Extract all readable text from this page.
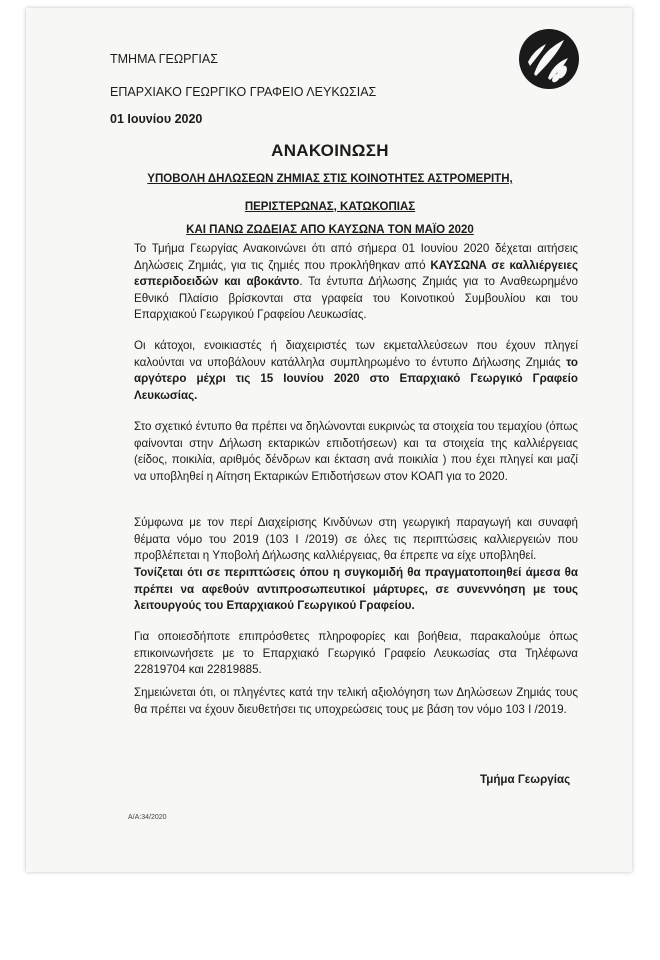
ΤΜΗΜΑ ΓΕΩΡΓΙΑΣ
ΕΠΑΡΧΙΑΚΟ ΓΕΩΡΓΙΚΟ ΓΡΑΦΕΙΟ ΛΕΥΚΩΣΙΑΣ
01 Ιουνίου 2020
ΑΝΑΚΟΙΝΩΣΗ
ΥΠΟΒΟΛΗ ΔΗΛΩΣΕΩΝ ΖΗΜΙΑΣ ΣΤΙΣ ΚΟΙΝΟΤΗΤΕΣ ΑΣΤΡΟΜΕΡΙΤΗ,
ΠΕΡΙΣΤΕΡΩΝΑΣ, ΚΑΤΩΚΟΠΙΑΣ
ΚΑΙ ΠΑΝΩ ΖΩΔΕΙΑΣ ΑΠΟ ΚΑΥΣΩΝΑ ΤΟΝ ΜΑΪΟ 2020

Το Τμήμα Γεωργίας Ανακοινώνει ότι από σήμερα 01 Ιουνίου 2020 δέχεται αιτήσεις Δηλώσεις Ζημιάς, για τις ζημιές που προκλήθηκαν από ΚΑΥΣΩΝΑ σε καλλιέργειες εσπεριδοειδών και αβοκάντο. Τα έντυπα Δήλωσης Ζημιάς για το Αναθεωρημένο Εθνικό Πλαίσιο βρίσκονται στα γραφεία του Κοινοτικού Συμβουλίου και του Επαρχιακού Γεωργικού Γραφείου Λευκωσίας.

Οι κάτοχοι, ενοικιαστές ή διαχειριστές των εκμεταλλεύσεων που έχουν πληγεί καλούνται να υποβάλουν κατάλληλα συμπληρωμένο το έντυπο Δήλωσης Ζημιάς το αργότερο μέχρι τις 15 Ιουνίου 2020 στο Επαρχιακό Γεωργικό Γραφείο Λευκωσίας.

Στο σχετικό έντυπο θα πρέπει να δηλώνονται ευκρινώς τα στοιχεία του τεμαχίου (όπως φαίνονται στην Δήλωση εκταρικών επιδοτήσεων) και τα στοιχεία της καλλιέργειας (είδος, ποικιλία, αριθμός δένδρων και έκταση ανά ποικιλία ) που έχει πληγεί και μαζί να υποβληθεί η Αίτηση Εκταρικών Επιδοτήσεων στον ΚΟΑΠ για το 2020.

Σύμφωνα με τον περί Διαχείρισης Κινδύνων στη γεωργική παραγωγή και συναφή θέματα νόμο του 2019 (103 Ι /2019) σε όλες τις περιπτώσεις καλλιεργειών που προβλέπεται η Υποβολή Δήλωσης καλλιέργειας, θα έπρεπε να είχε υποβληθεί.

Τονίζεται ότι σε περιπτώσεις όπου η συγκομιδή θα πραγματοποιηθεί άμεσα θα πρέπει να αφεθούν αντιπροσωπευτικοί μάρτυρες, σε συνεννόηση με τους λειτουργούς του Επαρχιακού Γεωργικού Γραφείου.

Για οποιεσδήποτε επιπρόσθετες πληροφορίες και βοήθεια, παρακαλούμε όπως επικοινωνήσετε με το Επαρχιακό Γεωργικό Γραφείο Λευκωσίας στα Τηλέφωνα 22819704 και 22819885.

Σημειώνεται ότι, οι πληγέντες κατά την τελική αξιολόγηση των Δηλώσεων Ζημιάς τους θα πρέπει να έχουν διευθετήσει τις υποχρεώσεις τους με βάση τον νόμο 103 Ι /2019.

Τμήμα Γεωργίας
Α/Α:34/2020
